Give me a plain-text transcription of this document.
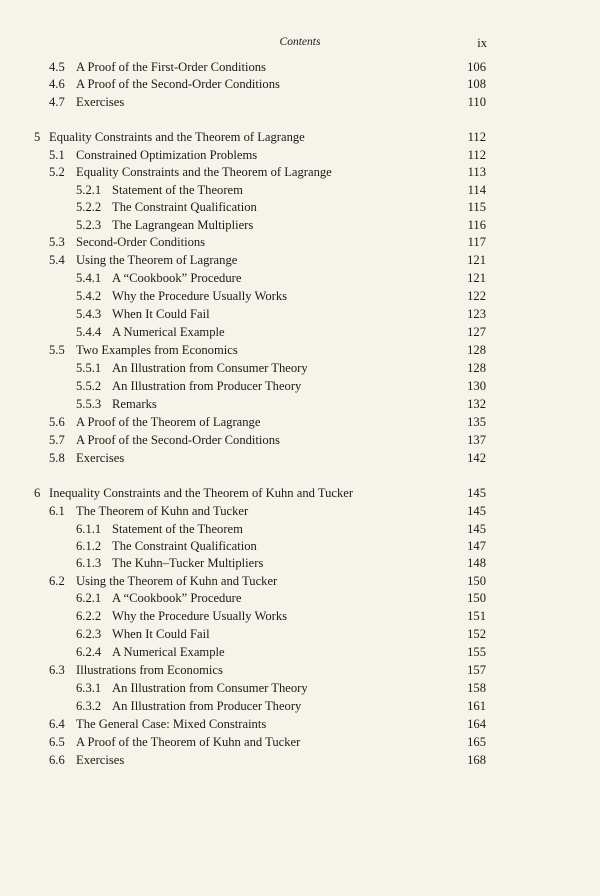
Contents	ix
4.5 A Proof of the First-Order Conditions	106
4.6 A Proof of the Second-Order Conditions	108
4.7 Exercises	110
5 Equality Constraints and the Theorem of Lagrange	112
5.1 Constrained Optimization Problems	112
5.2 Equality Constraints and the Theorem of Lagrange	113
5.2.1 Statement of the Theorem	114
5.2.2 The Constraint Qualification	115
5.2.3 The Lagrangean Multipliers	116
5.3 Second-Order Conditions	117
5.4 Using the Theorem of Lagrange	121
5.4.1 A “Cookbook” Procedure	121
5.4.2 Why the Procedure Usually Works	122
5.4.3 When It Could Fail	123
5.4.4 A Numerical Example	127
5.5 Two Examples from Economics	128
5.5.1 An Illustration from Consumer Theory	128
5.5.2 An Illustration from Producer Theory	130
5.5.3 Remarks	132
5.6 A Proof of the Theorem of Lagrange	135
5.7 A Proof of the Second-Order Conditions	137
5.8 Exercises	142
6 Inequality Constraints and the Theorem of Kuhn and Tucker	145
6.1 The Theorem of Kuhn and Tucker	145
6.1.1 Statement of the Theorem	145
6.1.2 The Constraint Qualification	147
6.1.3 The Kuhn–Tucker Multipliers	148
6.2 Using the Theorem of Kuhn and Tucker	150
6.2.1 A “Cookbook” Procedure	150
6.2.2 Why the Procedure Usually Works	151
6.2.3 When It Could Fail	152
6.2.4 A Numerical Example	155
6.3 Illustrations from Economics	157
6.3.1 An Illustration from Consumer Theory	158
6.3.2 An Illustration from Producer Theory	161
6.4 The General Case: Mixed Constraints	164
6.5 A Proof of the Theorem of Kuhn and Tucker	165
6.6 Exercises	168
